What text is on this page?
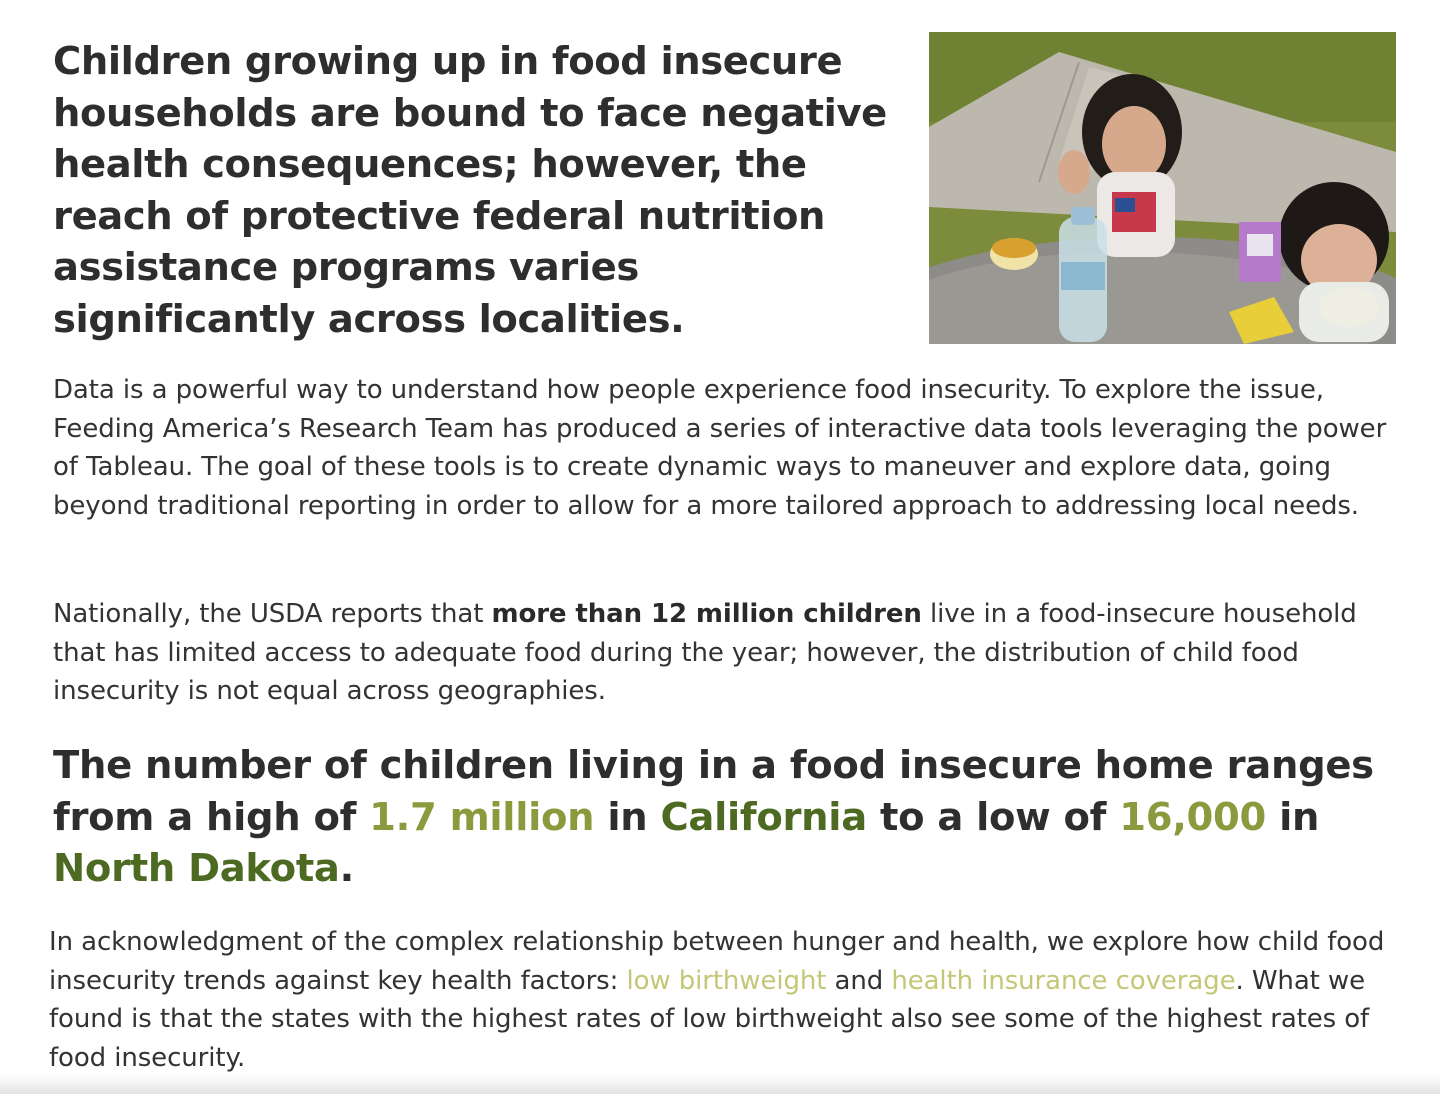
Children growing up in food insecure households are bound to face negative health consequences; however, the reach of protective federal nutrition assistance programs varies significantly across localities.

Data is a powerful way to understand how people experience food insecurity. To explore the issue, Feeding America’s Research Team has produced a series of interactive data tools leveraging the power of Tableau. The goal of these tools is to create dynamic ways to maneuver and explore data, going beyond traditional reporting in order to allow for a more tailored approach to addressing local needs.

Nationally, the USDA reports that more than 12 million children live in a food-insecure household that has limited access to adequate food during the year; however, the distribution of child food insecurity is not equal across geographies.

The number of children living in a food insecure home ranges from a high of 1.7 million in California to a low of 16,000 in North Dakota.

In acknowledgment of the complex relationship between hunger and health, we explore how child food insecurity trends against key health factors: low birthweight and health insurance coverage. What we found is that the states with the highest rates of low birthweight also see some of the highest rates of food insecurity.
